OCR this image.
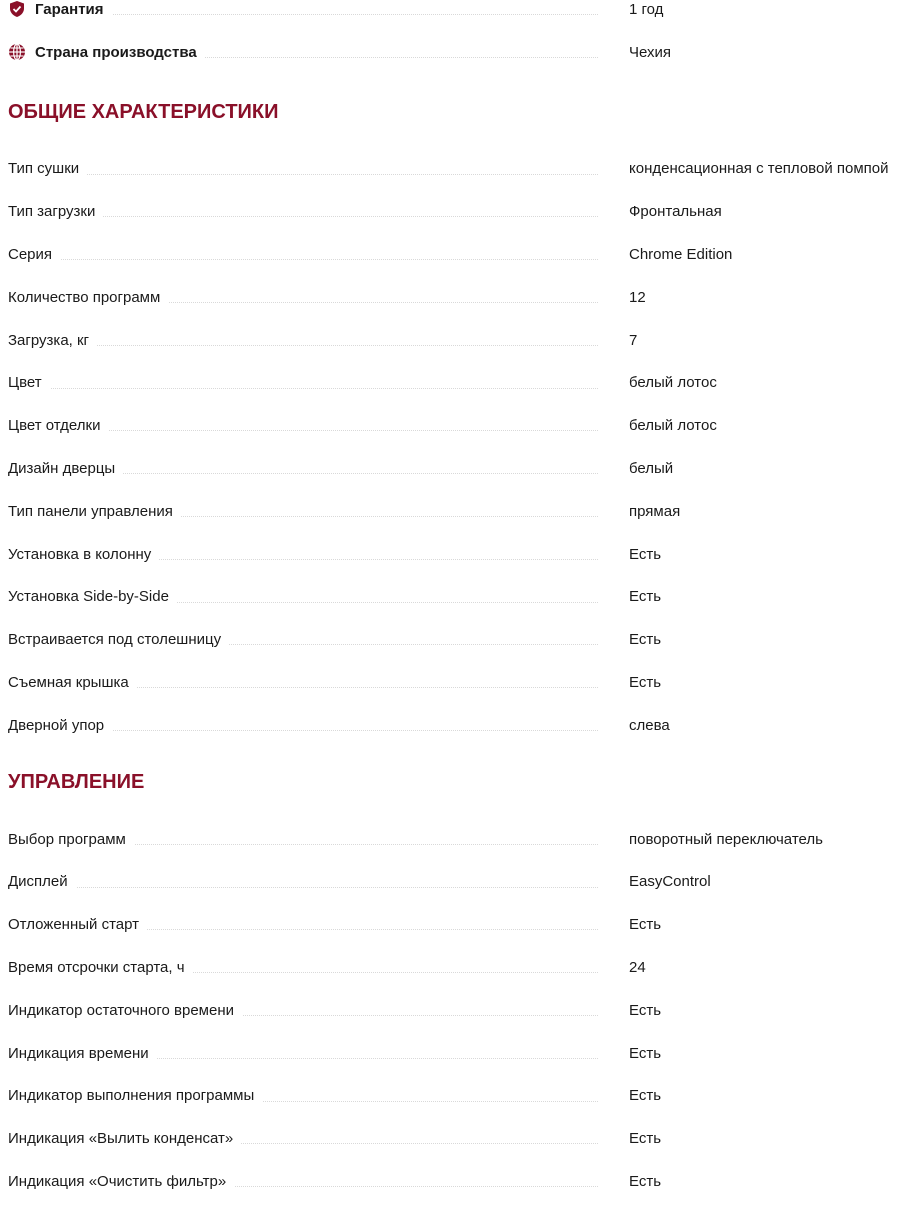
Гарантия	1 год
Страна производства	Чехия
ОБЩИЕ ХАРАКТЕРИСТИКИ
Тип сушки	конденсационная с тепловой помпой
Тип загрузки	Фронтальная
Серия	Chrome Edition
Количество программ	12
Загрузка, кг	7
Цвет	белый лотос
Цвет отделки	белый лотос
Дизайн дверцы	белый
Тип панели управления	прямая
Установка в колонну	Есть
Установка Side-by-Side	Есть
Встраивается под столешницу	Есть
Съемная крышка	Есть
Дверной упор	слева
УПРАВЛЕНИЕ
Выбор программ	поворотный переключатель
Дисплей	EasyControl
Отложенный старт	Есть
Время отсрочки старта, ч	24
Индикатор остаточного времени	Есть
Индикация времени	Есть
Индикатор выполнения программы	Есть
Индикация «Вылить конденсат»	Есть
Индикация «Очистить фильтр»	Есть
